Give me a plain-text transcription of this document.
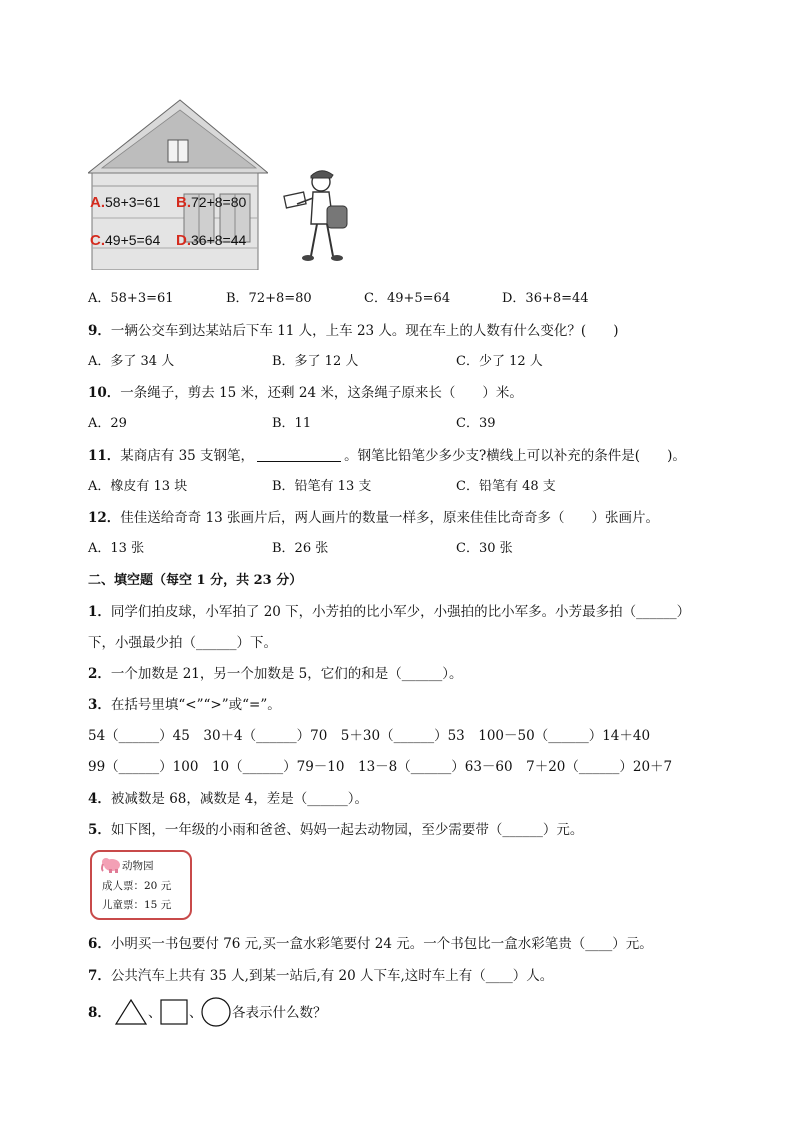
A.58+3=61 B.72+8=80
C.49+5=64 D.36+8=44
A．58+3=61	B．72+8=80	C．49+5=64	D．36+8=44
9．一辆公交车到达某站后下车 11 人，上车 23 人。现在车上的人数有什么变化？(　　)
A．多了 34 人	B．多了 12 人	C．少了 12 人
10．一条绳子，剪去 15 米，还剩 24 米，这条绳子原来长（　　）米。
A．29	B．11	C．39
11．某商店有 35 支钢笔，	。钢笔比铅笔少多少支?横线上可以补充的条件是(　　)。
A．橡皮有 13 块	B．铅笔有 13 支	C．铅笔有 48 支
12．佳佳送给奇奇 13 张画片后，两人画片的数量一样多，原来佳佳比奇奇多（　　）张画片。
A．13 张	B．26 张	C．30 张
二、填空题（每空 1 分，共 23 分）
1．同学们拍皮球，小军拍了 20 下，小芳拍的比小军少，小强拍的比小军多。小芳最多拍（______）
下，小强最少拍（______）下。
2．一个加数是 21，另一个加数是 5，它们的和是（______）。
3．在括号里填“<”“>”或“=”。
54（______）45　30＋4（______）70　5＋30（______）53　100－50（______）14＋40
99（______）100　10（______）79－10　13－8（______）63－60　7＋20（______）20＋7
4．被减数是 68，减数是 4，差是（______）。
5．如下图，一年级的小雨和爸爸、妈妈一起去动物园，至少需要带（______）元。
动物园
成人票：20 元
儿童票：15 元
6．小明买一书包要付 76 元,买一盒水彩笔要付 24 元。一个书包比一盒水彩笔贵（____）元。
7．公共汽车上共有 35 人,到某一站后,有 20 人下车,这时车上有（____）人。
8．	、 、 各表示什么数？
